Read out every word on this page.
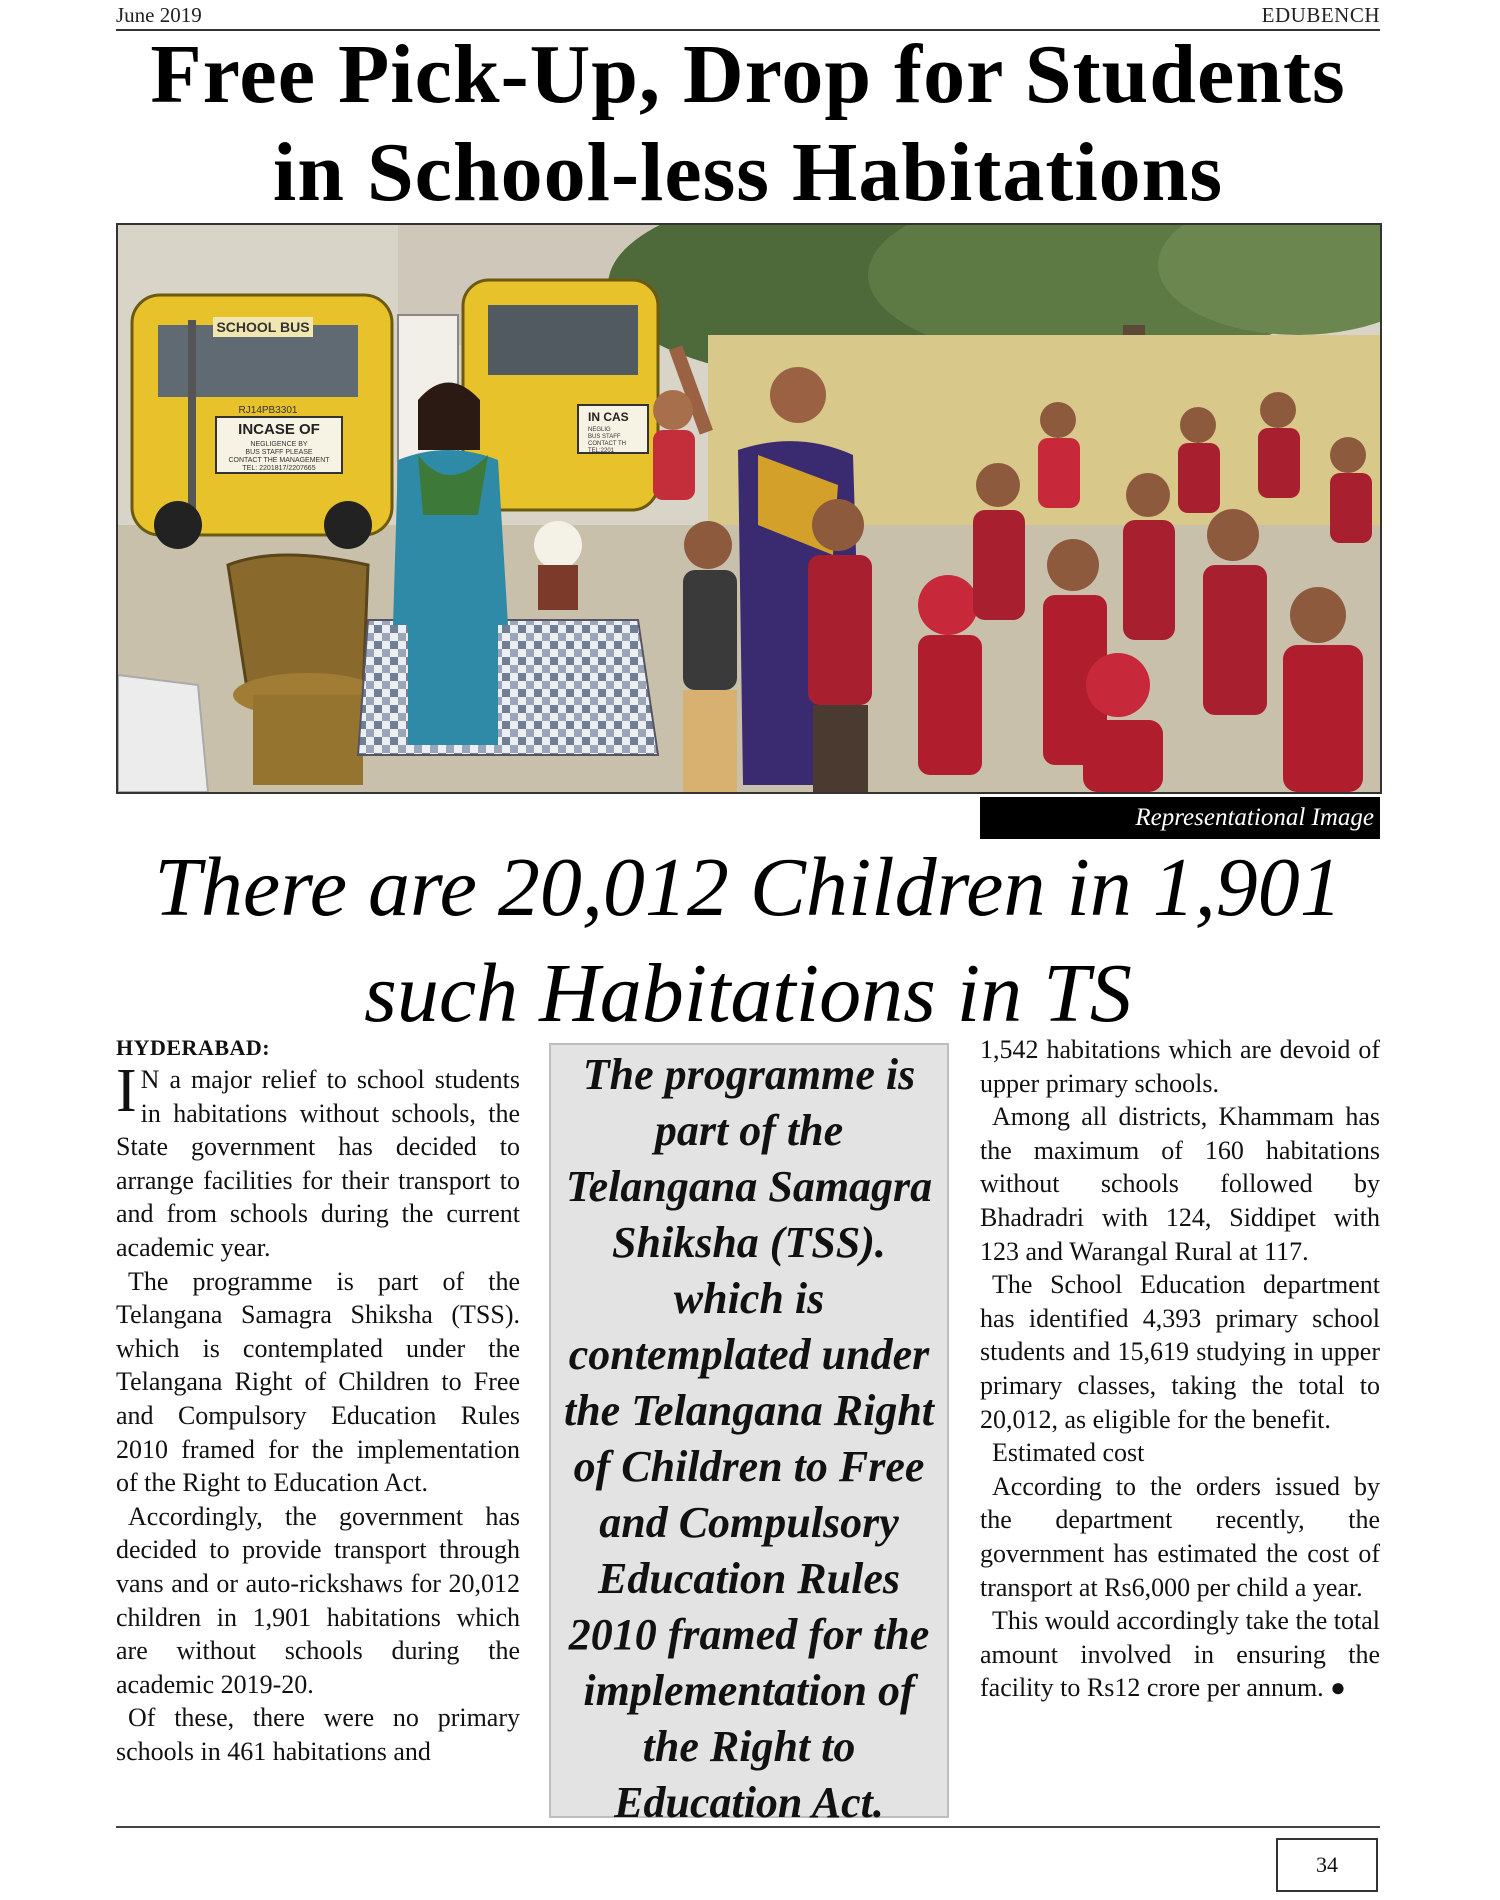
June 2019	EDUBENCH
Free Pick-Up, Drop for Students in School-less Habitations
SCHOOL BUS
RJ14PB3301
INCASE OF
NEGLIGENCE BY
BUS STAFF PLEASE
CONTACT THE MANAGEMENT
TEL: 2201817/2207665
IN CAS
NEGLIG
BUS STAFF
CONTACT TH
TEL:2201
Representational Image
There are 20,012 Children in 1,901 such Habitations in TS
HYDERABAD:

I N a major relief to school students in habitations without schools, the State government has decided to arrange facilities for their transport to and from schools during the current academic year.

The programme is part of the Telangana Samagra Shiksha (TSS). which is contemplated under the Telangana Right of Children to Free and Compulsory Education Rules 2010 framed for the implementation of the Right to Education Act.

Accordingly, the government has decided to provide transport through vans and or auto-rickshaws for 20,012 children in 1,901 habitations which are without schools during the academic 2019-20.

Of these, there were no primary schools in 461 habitations and

The programme is part of the Telangana Samagra Shiksha (TSS). which is contemplated under the Telangana Right of Children to Free and Compulsory Education Rules 2010 framed for the implementation of the Right to Education Act.

1,542 habitations which are devoid of upper primary schools.

Among all districts, Khammam has the maximum of 160 habitations without schools followed by Bhadradri with 124, Siddipet with 123 and Warangal Rural at 117.

The School Education department has identified 4,393 primary school students and 15,619 studying in upper primary classes, taking the total to 20,012, as eligible for the benefit.

Estimated cost

According to the orders issued by the department recently, the government has estimated the cost of transport at Rs6,000 per child a year.

This would accordingly take the total amount involved in ensuring the facility to Rs12 crore per annum. ●

34
